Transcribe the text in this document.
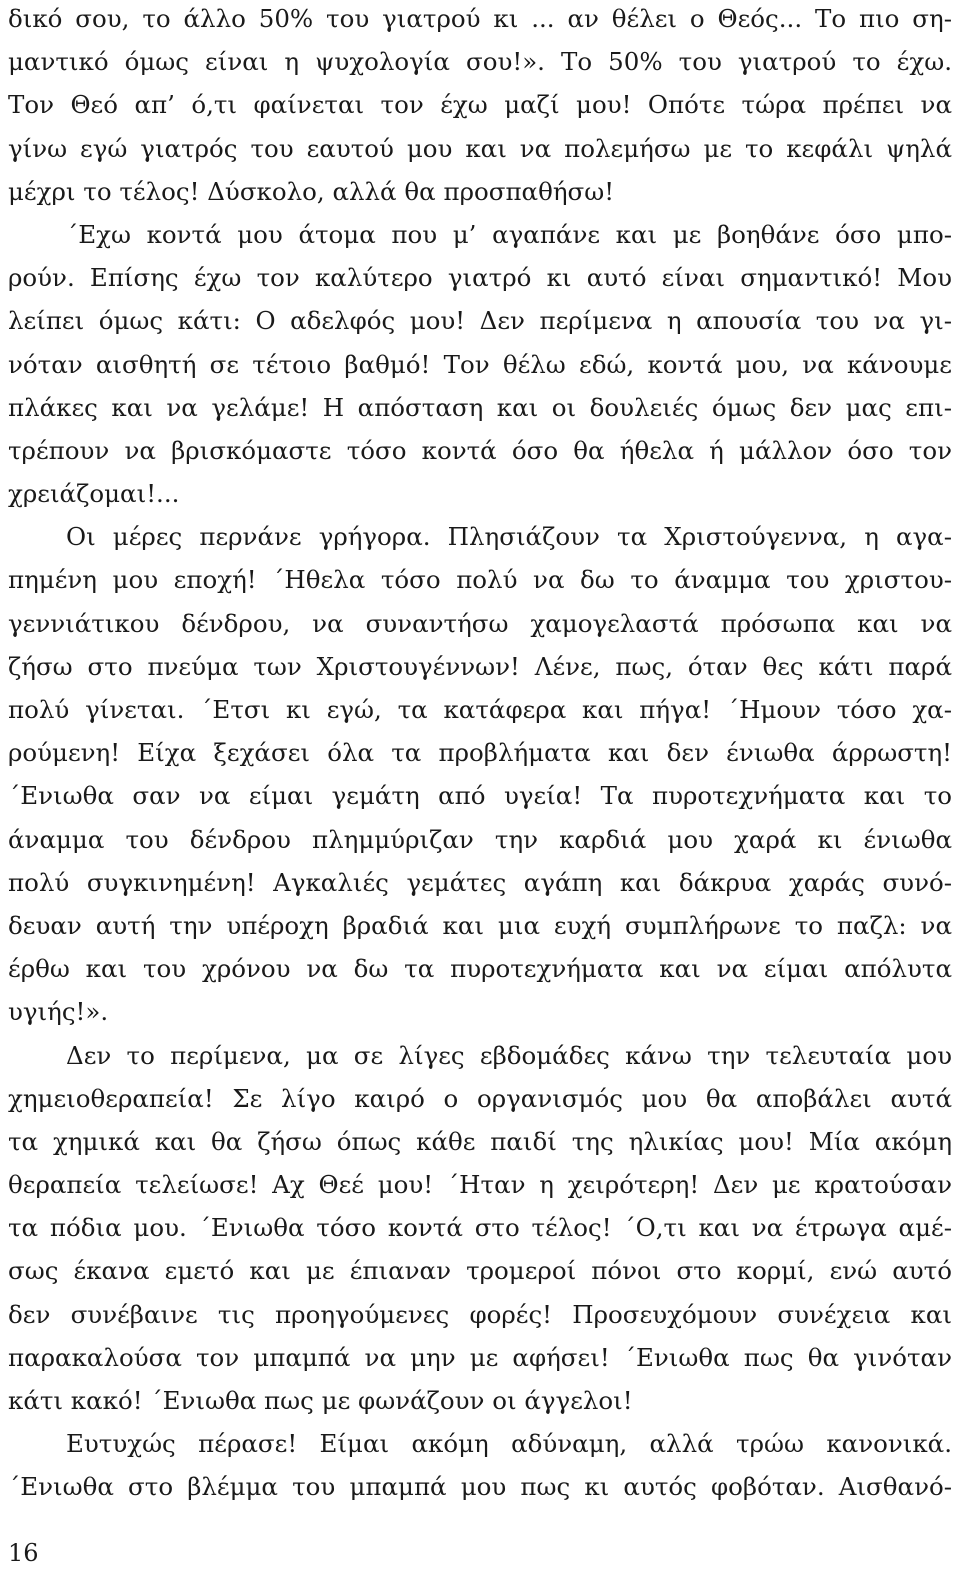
δικό σου, το άλλο 50% του γιατρού κι ... αν θέλει ο Θεός... Το πιο ση-
μαντικό όμως είναι η ψυχολογία σου!». Το 50% του γιατρού το έχω.
Τον Θεό απ’ ό,τι φαίνεται τον έχω μαζί μου! Οπότε τώρα πρέπει να
γίνω εγώ γιατρός του εαυτού μου και να πολεμήσω με το κεφάλι ψηλά
μέχρι το τέλος! Δύσκολο, αλλά θα προσπαθήσω!
΄Εχω κοντά μου άτομα που μ’ αγαπάνε και με βοηθάνε όσο μπο-
ρούν. Επίσης έχω τον καλύτερο γιατρό κι αυτό είναι σημαντικό! Μου
λείπει όμως κάτι: Ο αδελφός μου! Δεν περίμενα η απουσία του να γι-
νόταν αισθητή σε τέτοιο βαθμό! Τον θέλω εδώ, κοντά μου, να κάνουμε
πλάκες και να γελάμε! Η απόσταση και οι δουλειές όμως δεν μας επι-
τρέπουν να βρισκόμαστε τόσο κοντά όσο θα ήθελα ή μάλλον όσο τον
χρειάζομαι!...
Οι μέρες περνάνε γρήγορα. Πλησιάζουν τα Χριστούγεννα, η αγα-
πημένη μου εποχή! ΄Ηθελα τόσο πολύ να δω το άναμμα του χριστου-
γεννιάτικου δένδρου, να συναντήσω χαμογελαστά πρόσωπα και να
ζήσω στο πνεύμα των Χριστουγέννων! Λένε, πως, όταν θες κάτι παρά
πολύ γίνεται. ΄Ετσι κι εγώ, τα κατάφερα και πήγα! ΄Ημουν τόσο χα-
ρούμενη! Είχα ξεχάσει όλα τα προβλήματα και δεν ένιωθα άρρωστη!
΄Ενιωθα σαν να είμαι γεμάτη από υγεία! Τα πυροτεχνήματα και το
άναμμα του δένδρου πλημμύριζαν την καρδιά μου χαρά κι ένιωθα
πολύ συγκινημένη! Αγκαλιές γεμάτες αγάπη και δάκρυα χαράς συνό-
δευαν αυτή την υπέροχη βραδιά και μια ευχή συμπλήρωνε το παζλ: να
έρθω και του χρόνου να δω τα πυροτεχνήματα και να είμαι απόλυτα
υγιής!».
Δεν το περίμενα, μα σε λίγες εβδομάδες κάνω την τελευταία μου
χημειοθεραπεία! Σε λίγο καιρό ο οργανισμός μου θα αποβάλει αυτά
τα χημικά και θα ζήσω όπως κάθε παιδί της ηλικίας μου! Μία ακόμη
θεραπεία τελείωσε! Αχ Θεέ μου! ΄Ηταν η χειρότερη! Δεν με κρατούσαν
τα πόδια μου. ΄Ενιωθα τόσο κοντά στο τέλος! ΄Ο,τι και να έτρωγα αμέ-
σως έκανα εμετό και με έπιαναν τρομεροί πόνοι στο κορμί, ενώ αυτό
δεν συνέβαινε τις προηγούμενες φορές! Προσευχόμουν συνέχεια και
παρακαλούσα τον μπαμπά να μην με αφήσει! ΄Ενιωθα πως θα γινόταν
κάτι κακό! ΄Ενιωθα πως με φωνάζουν οι άγγελοι!
Ευτυχώς πέρασε! Είμαι ακόμη αδύναμη, αλλά τρώω κανονικά.
΄Ενιωθα στο βλέμμα του μπαμπά μου πως κι αυτός φοβόταν. Αισθανό-
16
